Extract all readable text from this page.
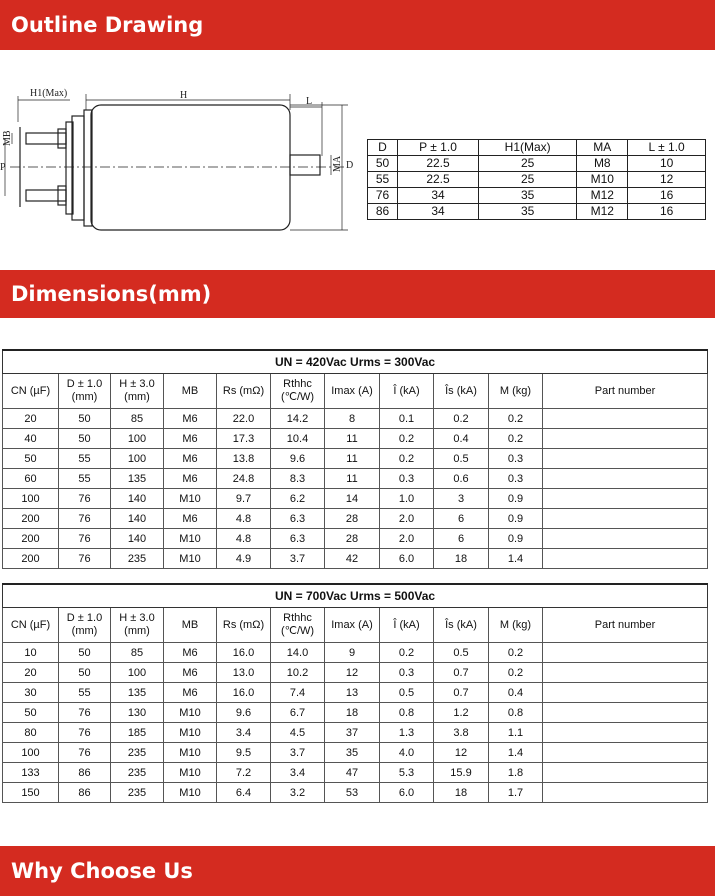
Outline Drawing
H1(Max)	H
L
MB
P	MA D
D	P ± 1.0	H1(Max)	MA	L ± 1.0
50	22.5	25	M8	10
55	22.5	25	M10	12
76	34	35	M12	16
86	34	35	M12	16
Dimensions(mm)
UN = 420Vac Urms = 300Vac										
CN (µF)	D ± 1.0 (mm)	H ± 3.0 (mm)	MB	Rs (mΩ)	Rthhc (℃/W)	Imax (A)	Î (kA)	Îs (kA)	M (kg)	Part number
20	50	85	M6	22.0	14.2	8	0.1	0.2	0.2	
40	50	100	M6	17.3	10.4	11	0.2	0.4	0.2	
50	55	100	M6	13.8	9.6	11	0.2	0.5	0.3	
60	55	135	M6	24.8	8.3	11	0.3	0.6	0.3	
100	76	140	M10	9.7	6.2	14	1.0	3	0.9	
200	76	140	M6	4.8	6.3	28	2.0	6	0.9	
200	76	140	M10	4.8	6.3	28	2.0	6	0.9	
200	76	235	M10	4.9	3.7	42	6.0	18	1.4	
UN = 700Vac Urms = 500Vac										
CN (µF)	D ± 1.0 (mm)	H ± 3.0 (mm)	MB	Rs (mΩ)	Rthhc (℃/W)	Imax (A)	Î (kA)	Îs (kA)	M (kg)	Part number
10	50	85	M6	16.0	14.0	9	0.2	0.5	0.2	
20	50	100	M6	13.0	10.2	12	0.3	0.7	0.2	
30	55	135	M6	16.0	7.4	13	0.5	0.7	0.4	
50	76	130	M10	9.6	6.7	18	0.8	1.2	0.8	
80	76	185	M10	3.4	4.5	37	1.3	3.8	1.1	
100	76	235	M10	9.5	3.7	35	4.0	12	1.4	
133	86	235	M10	7.2	3.4	47	5.3	15.9	1.8	
150	86	235	M10	6.4	3.2	53	6.0	18	1.7	
Why Choose Us
